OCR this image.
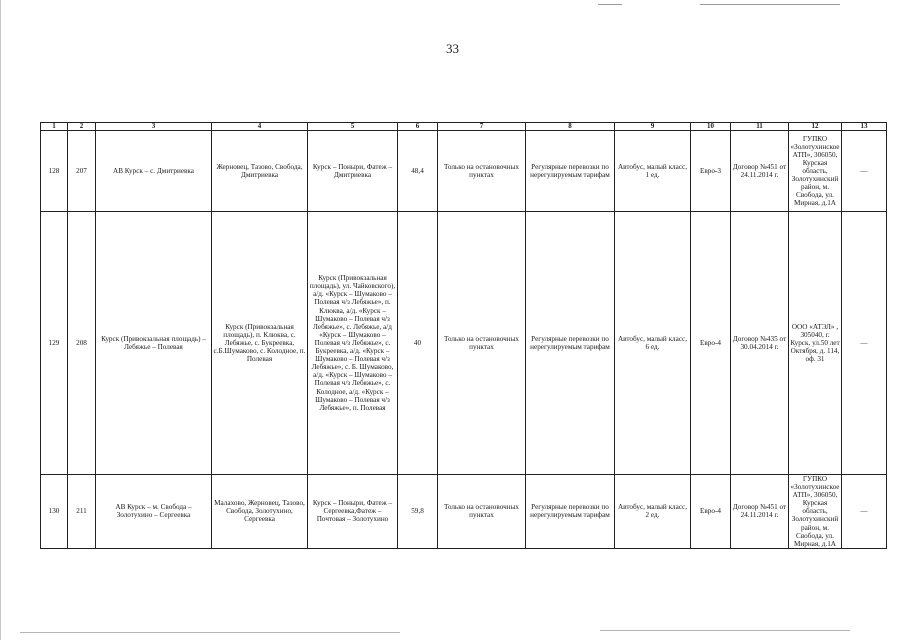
33
1	2	3	4	5	6	7	8	9	10	11	12	13
128	207	АВ Курск – с. Дмитриевка	Жерновец, Тазово, Свобода, Дмитриевка	Курск – Поныри, Фатеж – Дмитриевка	48,4	Только на остановочных пунктах	Регулярные перевозки по нерегулируемым тарифам	Автобус, малый класс, 1 ед.	Евро-3	Договор №451 от 24.11.2014 г.	ГУПКО «Золотухинское АТП», 306050, Курская область, Золотухинский район, м. Свобода, ул. Мирная, д.1А	—
129	208	Курск (Привокзальная площадь) – Лебяжье – Полевая	Курск (Привокзальная площадь), п. Клюква, с. Лебяжье, с. Букреевка, с.Б.Шумаково, с. Колодное, п. Полевая	Курск (Привокзальная площадь), ул. Чайковского), а/д. «Курск – Шумаково – Полевая ч/з Лебяжье», п. Клюква, а/д. «Курск – Шумаково – Полевая ч/з Лебяжье», с. Лебяжье, а/д «Курск – Шумаково – Полевая ч/з Лебяжье», с. Букреевка, а/д. «Курск – Шумаково – Полевая ч/з Лебяжье», с. Б. Шумаково, а/д. «Курск – Шумаково – Полевая ч/з Лебяжье», с. Колодное, а/д. «Курск – Шумаково – Полевая ч/з Лебяжье», п. Полевая	40	Только на остановочных пунктах	Регулярные перевозки по нерегулируемым тарифам	Автобус, малый класс, 6 ед.	Евро-4	Договор №435 от 30.04.2014 г.	ООО «АТЭЛ» , 305040, г. Курск, ул.50 лет Октября, д. 114, оф. 31	—
130	211	АВ Курск – м. Свобода – Золотухино – Сергеевка	Малахово, Жерновец, Тазово, Свобода, Золотухино, Сергеевка	Курск – Поныри, Фатеж – Сергеевка,Фатеж – Почтовая – Золотухино	59,8	Только на остановочных пунктах	Регулярные перевозки по нерегулируемым тарифам	Автобус, малый класс, 2 ед.	Евро-4	Договор №451 от 24.11.2014 г.	ГУПКО «Золотухинское АТП», 306050, Курская область, Золотухинский район, м. Свобода, ул. Мирная, д.1А	—
